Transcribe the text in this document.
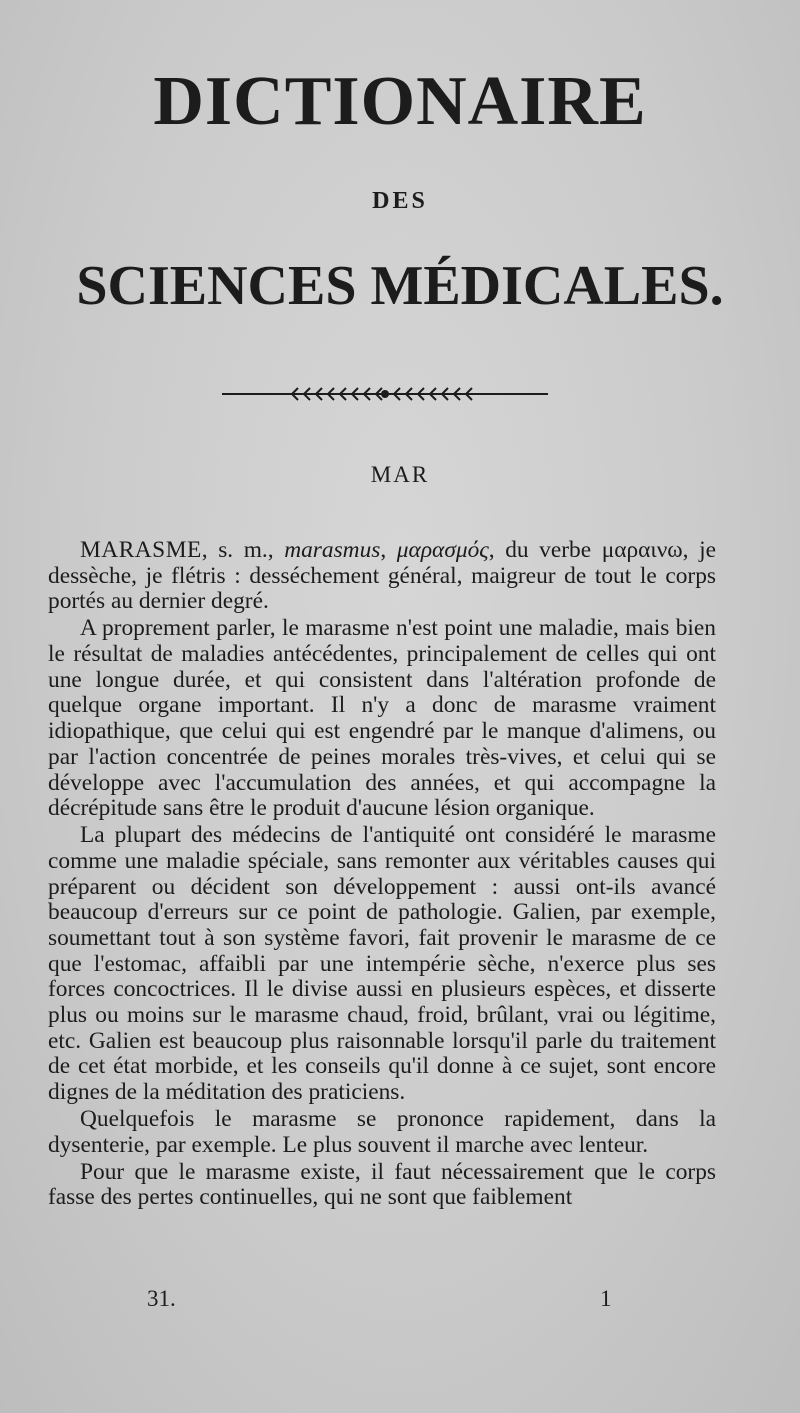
DICTIONAIRE
DES
SCIENCES MÉDICALES.
MAR

MARASME, s. m., marasmus, μαρασμός, du verbe μαραινω, je dessèche, je flétris : desséchement général, maigreur de tout le corps portés au dernier degré.

A proprement parler, le marasme n'est point une maladie, mais bien le résultat de maladies antécédentes, principalement de celles qui ont une longue durée, et qui consistent dans l'altération profonde de quelque organe important. Il n'y a donc de marasme vraiment idiopathique, que celui qui est engendré par le manque d'alimens, ou par l'action concentrée de peines morales très-vives, et celui qui se développe avec l'accumulation des années, et qui accompagne la décrépitude sans être le produit d'aucune lésion organique.

La plupart des médecins de l'antiquité ont considéré le marasme comme une maladie spéciale, sans remonter aux véritables causes qui préparent ou décident son développement : aussi ont-ils avancé beaucoup d'erreurs sur ce point de pathologie. Galien, par exemple, soumettant tout à son système favori, fait provenir le marasme de ce que l'estomac, affaibli par une intempérie sèche, n'exerce plus ses forces concoctrices. Il le divise aussi en plusieurs espèces, et disserte plus ou moins sur le marasme chaud, froid, brûlant, vrai ou légitime, etc. Galien est beaucoup plus raisonnable lorsqu'il parle du traitement de cet état morbide, et les conseils qu'il donne à ce sujet, sont encore dignes de la méditation des praticiens.

Quelquefois le marasme se prononce rapidement, dans la dysenterie, par exemple. Le plus souvent il marche avec lenteur.

Pour que le marasme existe, il faut nécessairement que le corps fasse des pertes continuelles, qui ne sont que faiblement

31.	1
